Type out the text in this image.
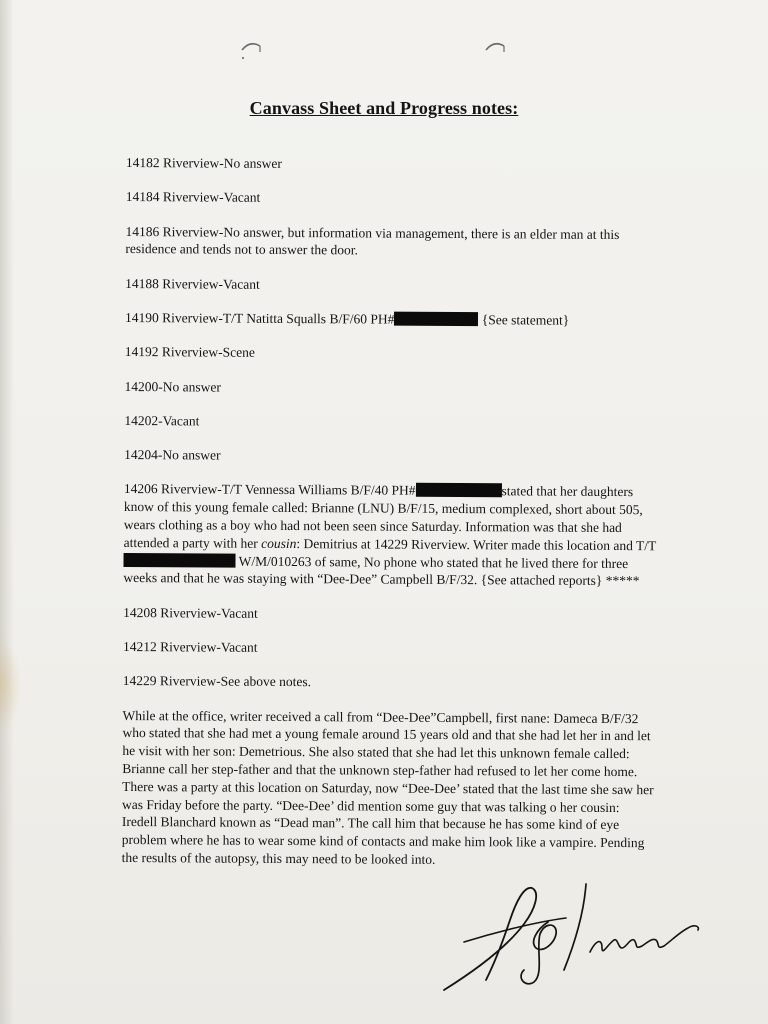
Canvass Sheet and Progress notes:

14182 Riverview-No answer

14184 Riverview-Vacant

14186 Riverview-No answer, but information via management, there is an elder man at this residence and tends not to answer the door.

14188 Riverview-Vacant

14190 Riverview-T/T Natitta Squalls B/F/60 PH#	{See statement}

14192 Riverview-Scene

14200-No answer

14202-Vacant

14204-No answer

14206 Riverview-T/T Vennessa Williams B/F/40 PH#	stated that her daughters know of this young female called: Brianne (LNU) B/F/15, medium complexed, short about 505, wears clothing as a boy who had not been seen since Saturday. Information was that she had attended a party with her cousin: Demitrius at 14229 Riverview. Writer made this location and T/T  W/M/010263 of same, No phone who stated that he lived there for three weeks and that he was staying with “Dee-Dee” Campbell B/F/32. {See attached reports} *****

14208 Riverview-Vacant

14212 Riverview-Vacant

14229 Riverview-See above notes.

While at the office, writer received a call from “Dee-Dee”Campbell, first nane: Dameca B/F/32 who stated that she had met a young female around 15 years old and that she had let her in and let he visit with her son: Demetrious. She also stated that she had let this unknown female called: Brianne call her step-father and that the unknown step-father had refused to let her come home. There was a party at this location on Saturday, now “Dee-Dee’ stated that the last time she saw her was Friday before the party. “Dee-Dee’ did mention some guy that was talking o her cousin: Iredell Blanchard known as “Dead man”. The call him that because he has some kind of eye problem where he has to wear some kind of contacts and make him look like a vampire. Pending the results of the autopsy, this may need to be looked into.
